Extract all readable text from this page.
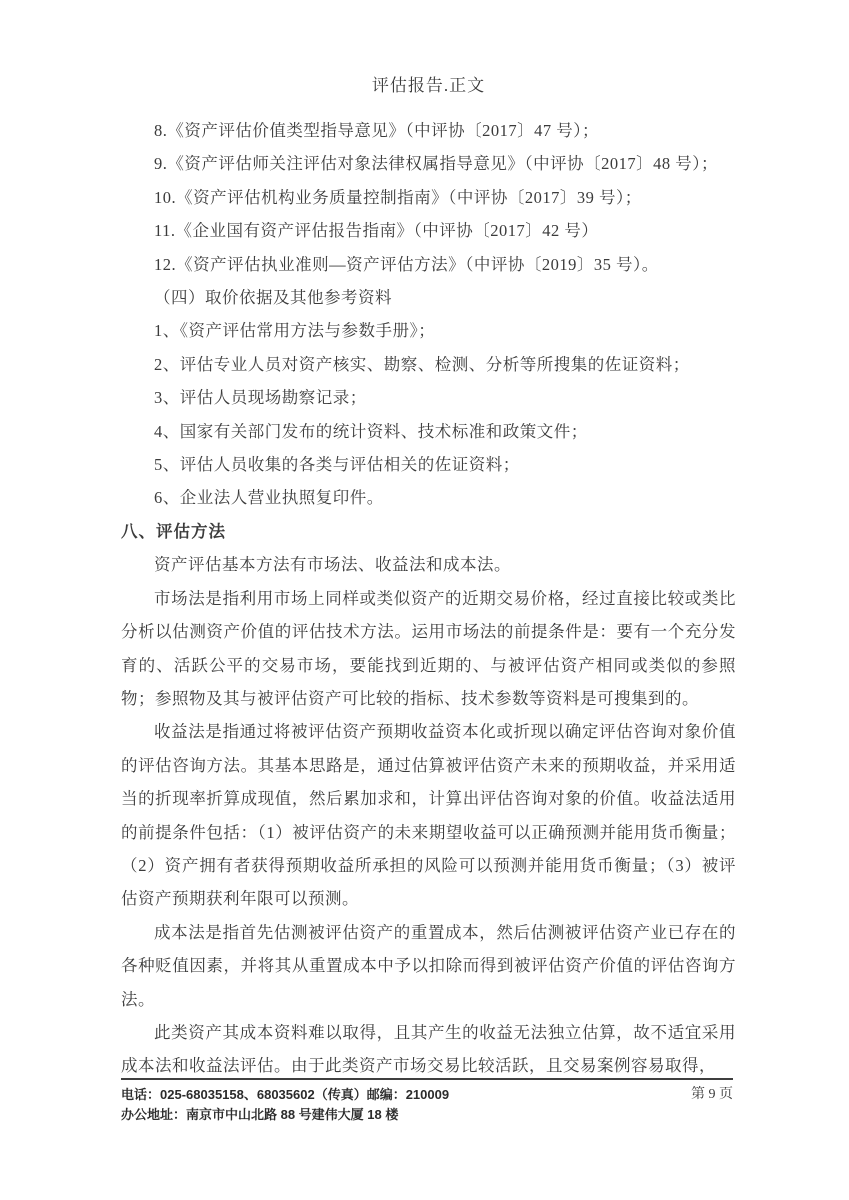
评估报告.正文

8.《资产评估价值类型指导意见》（中评协〔2017〕47 号）；

9.《资产评估师关注评估对象法律权属指导意见》（中评协〔2017〕48 号）；

10.《资产评估机构业务质量控制指南》（中评协〔2017〕39 号）；

11.《企业国有资产评估报告指南》（中评协〔2017〕42 号）

12.《资产评估执业准则—资产评估方法》（中评协〔2019〕35 号）。

（四）取价依据及其他参考资料

1、《资产评估常用方法与参数手册》；

2、评估专业人员对资产核实、勘察、检测、分析等所搜集的佐证资料；

3、评估人员现场勘察记录；

4、国家有关部门发布的统计资料、技术标准和政策文件；

5、评估人员收集的各类与评估相关的佐证资料；

6、企业法人营业执照复印件。

八、评估方法

资产评估基本方法有市场法、收益法和成本法。

市场法是指利用市场上同样或类似资产的近期交易价格，经过直接比较或类比分析以估测资产价值的评估技术方法。运用市场法的前提条件是：要有一个充分发育的、活跃公平的交易市场，要能找到近期的、与被评估资产相同或类似的参照物；参照物及其与被评估资产可比较的指标、技术参数等资料是可搜集到的。

收益法是指通过将被评估资产预期收益资本化或折现以确定评估咨询对象价值的评估咨询方法。其基本思路是，通过估算被评估资产未来的预期收益，并采用适当的折现率折算成现值，然后累加求和，计算出评估咨询对象的价值。收益法适用的前提条件包括：（1）被评估资产的未来期望收益可以正确预测并能用货币衡量；（2）资产拥有者获得预期收益所承担的风险可以预测并能用货币衡量；（3）被评估资产预期获利年限可以预测。

成本法是指首先估测被评估资产的重置成本，然后估测被评估资产业已存在的各种贬值因素，并将其从重置成本中予以扣除而得到被评估资产价值的评估咨询方法。

此类资产其成本资料难以取得，且其产生的收益无法独立估算，故不适宜采用成本法和收益法评估。由于此类资产市场交易比较活跃，且交易案例容易取得，

电话：025-68035158、68035602（传真）邮编：210009	第 9 页
办公地址：南京市中山北路 88 号建伟大厦 18 楼
